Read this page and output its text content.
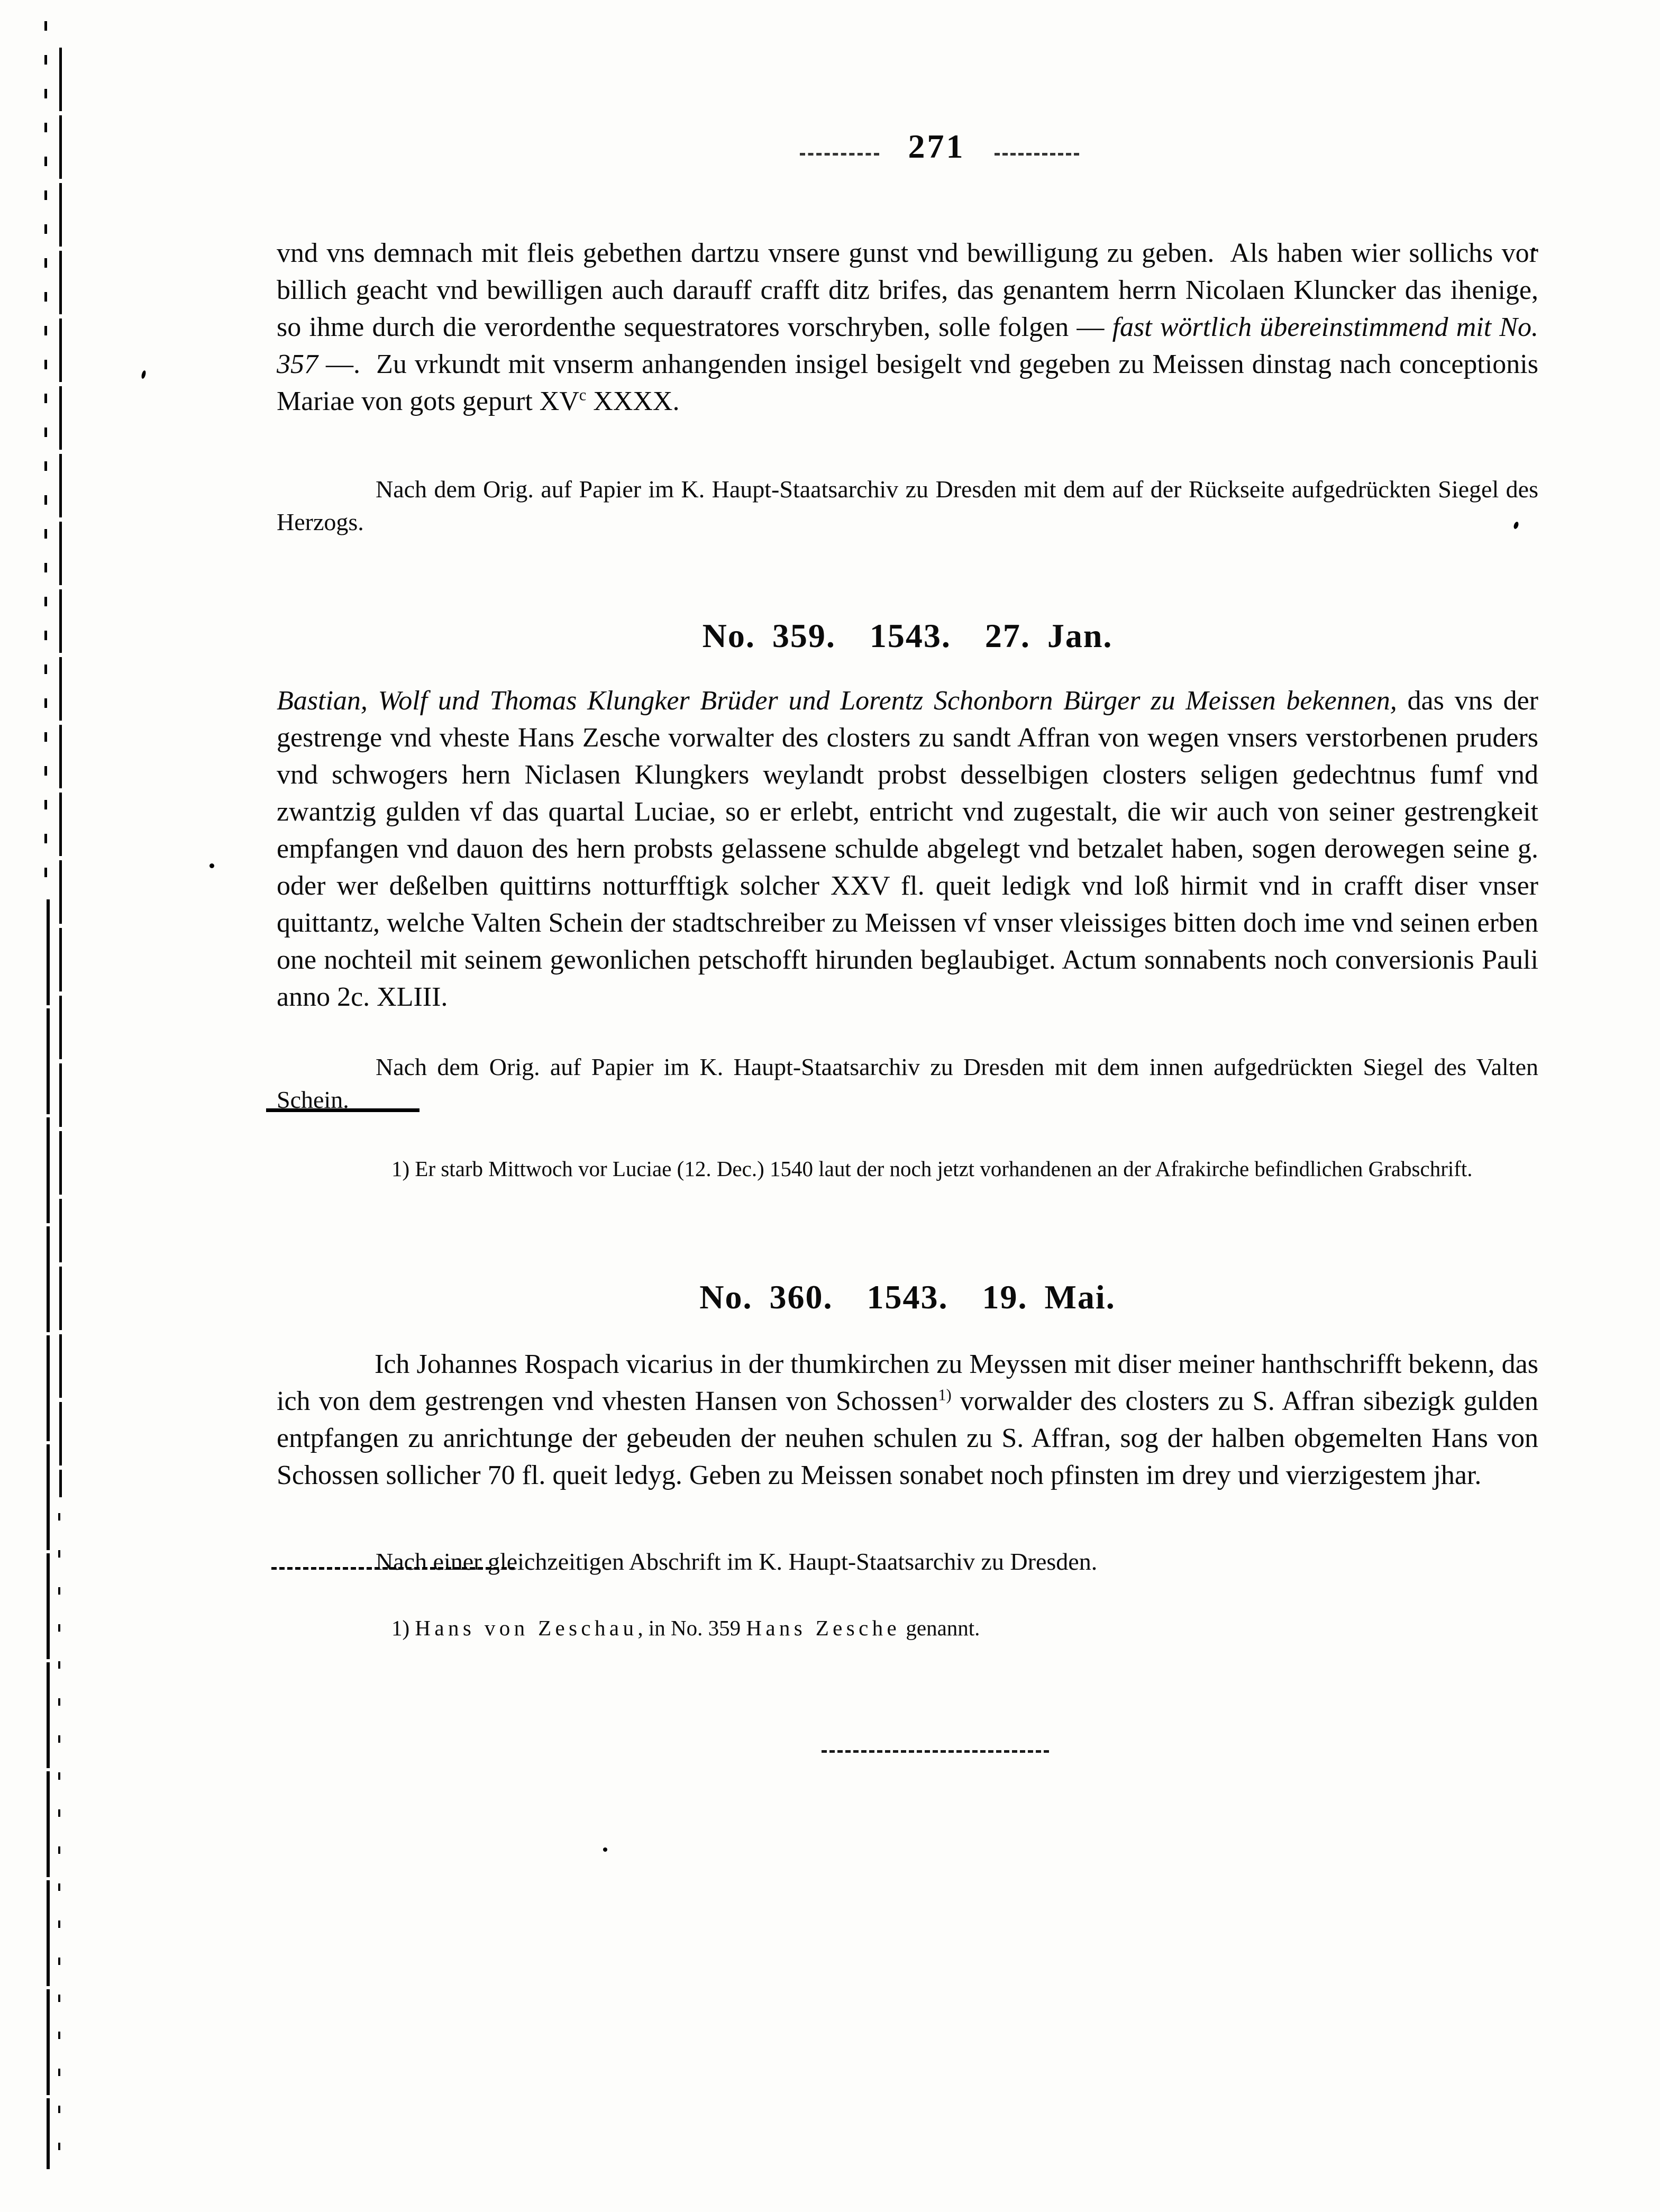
271

vnd vns demnach mit fleis gebethen dartzu vnsere gunst vnd bewilligung zu geben.  Als haben wier sollichs vor billich geacht vnd bewilligen auch darauff crafft ditz brifes, das genantem herrn Nicolaen Kluncker das ihenige, so ihme durch die verordenthe sequestratores vorschryben, solle folgen — fast wörtlich übereinstimmend mit No. 357 —.  Zu vrkundt mit vnserm anhangenden insigel besigelt vnd gegeben zu Meissen dinstag nach conceptionis Mariae von gots gepurt $XV^c$ XXXX.

Nach dem Orig. auf Papier im K. Haupt-Staatsarchiv zu Dresden mit dem auf der Rückseite aufgedrückten Siegel des Herzogs.

No. 359.  1543.  27. Jan.

Bastian, Wolf und Thomas Klungker Brüder und Lorentz Schonborn Bürger zu Meissen bekennen, das vns der gestrenge vnd vheste Hans Zesche vorwalter des closters zu sandt Affran von wegen vnsers verstorbenen pruders vnd schwogers hern Niclasen Klungkers weylandt probst desselbigen closters seligen gedechtnus fumf vnd zwantzig gulden vf das quartal Luciae, so er erlebt, entricht vnd zugestalt, die wir auch von seiner gestrengkeit empfangen vnd dauon des hern probsts gelassene schulde abgelegt vnd betzalet haben, sogen derowegen seine g. oder wer deßelben quittirns notturfftigk solcher XXV fl. queit ledigk vnd loß hirmit vnd in crafft diser vnser quittantz, welche Valten Schein der stadtschreiber zu Meissen vf vnser vleissiges bitten doch ime vnd seinen erben one nochteil mit seinem gewonlichen petschofft hirunden beglaubiget. Actum sonnabents noch conversionis Pauli anno 2c. XLIII.

Nach dem Orig. auf Papier im K. Haupt-Staatsarchiv zu Dresden mit dem innen aufgedrückten Siegel des Valten Schein.

1) Er starb Mittwoch vor Luciae (12. Dec.) 1540 laut der noch jetzt vorhandenen an der Afrakirche befindlichen Grabschrift.

No. 360.  1543.  19. Mai.

Ich Johannes Rospach vicarius in der thumkirchen zu Meyssen mit diser meiner hanthschrifft bekenn, das ich von dem gestrengen vnd vhesten Hansen von Schossen$^{1)}$ vorwalder des closters zu S. Affran sibezigk gulden entpfangen zu anrichtunge der gebeuden der neuhen schulen zu S. Affran, sog der halben obgemelten Hans von Schossen sollicher 70 fl. queit ledyg. Geben zu Meissen sonabet noch pfinsten im drey und vierzigestem jhar.

Nach einer gleichzeitigen Abschrift im K. Haupt-Staatsarchiv zu Dresden.

1) Hans von Zeschau, in No. 359 Hans Zesche genannt.
